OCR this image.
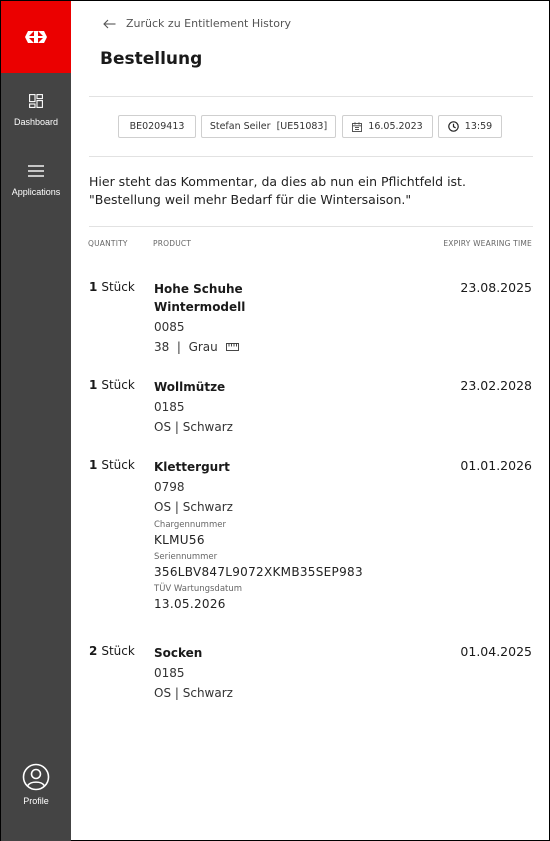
Dashboard
Applications
Profile
Zurück zu Entitlement History
Bestellung
BE0209413	Stefan Seiler  [UE51083]	16.05.2023	13:59

Hier steht das Kommentar, da dies ab nun ein Pflichtfeld ist. "Bestellung weil mehr Bedarf für die Wintersaison."

QUANTITY	PRODUCT	EXPIRY WEARING TIME
1 Stück Hohe Schuhe
Wintermodell
0085
38  |  Grau
23.08.2025
1 Stück Wollmütze
0185
OS | Schwarz
23.02.2028
1 Stück Klettergurt
0798
OS | Schwarz
Chargennummer
KLMU56
Seriennummer
356LBV847L9072XKMB35SEP983
TÜV Wartungsdatum
13.05.2026
01.01.2026
2 Stück Socken
0185
OS | Schwarz
01.04.2025
